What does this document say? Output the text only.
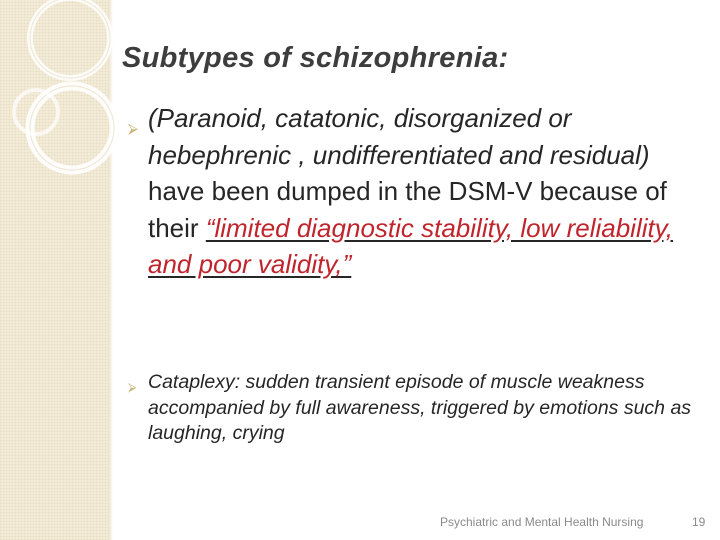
Subtypes of schizophrenia:
⮚ (Paranoid, catatonic, disorganized or hebephrenic , undifferentiated and residual) have been dumped in the DSM-V because of their “limited diagnostic stability, low reliability, and poor validity,”
⮚ Cataplexy: sudden transient episode of muscle weakness accompanied by full awareness, triggered by emotions such as laughing, crying
Psychiatric and Mental Health Nursing	19
